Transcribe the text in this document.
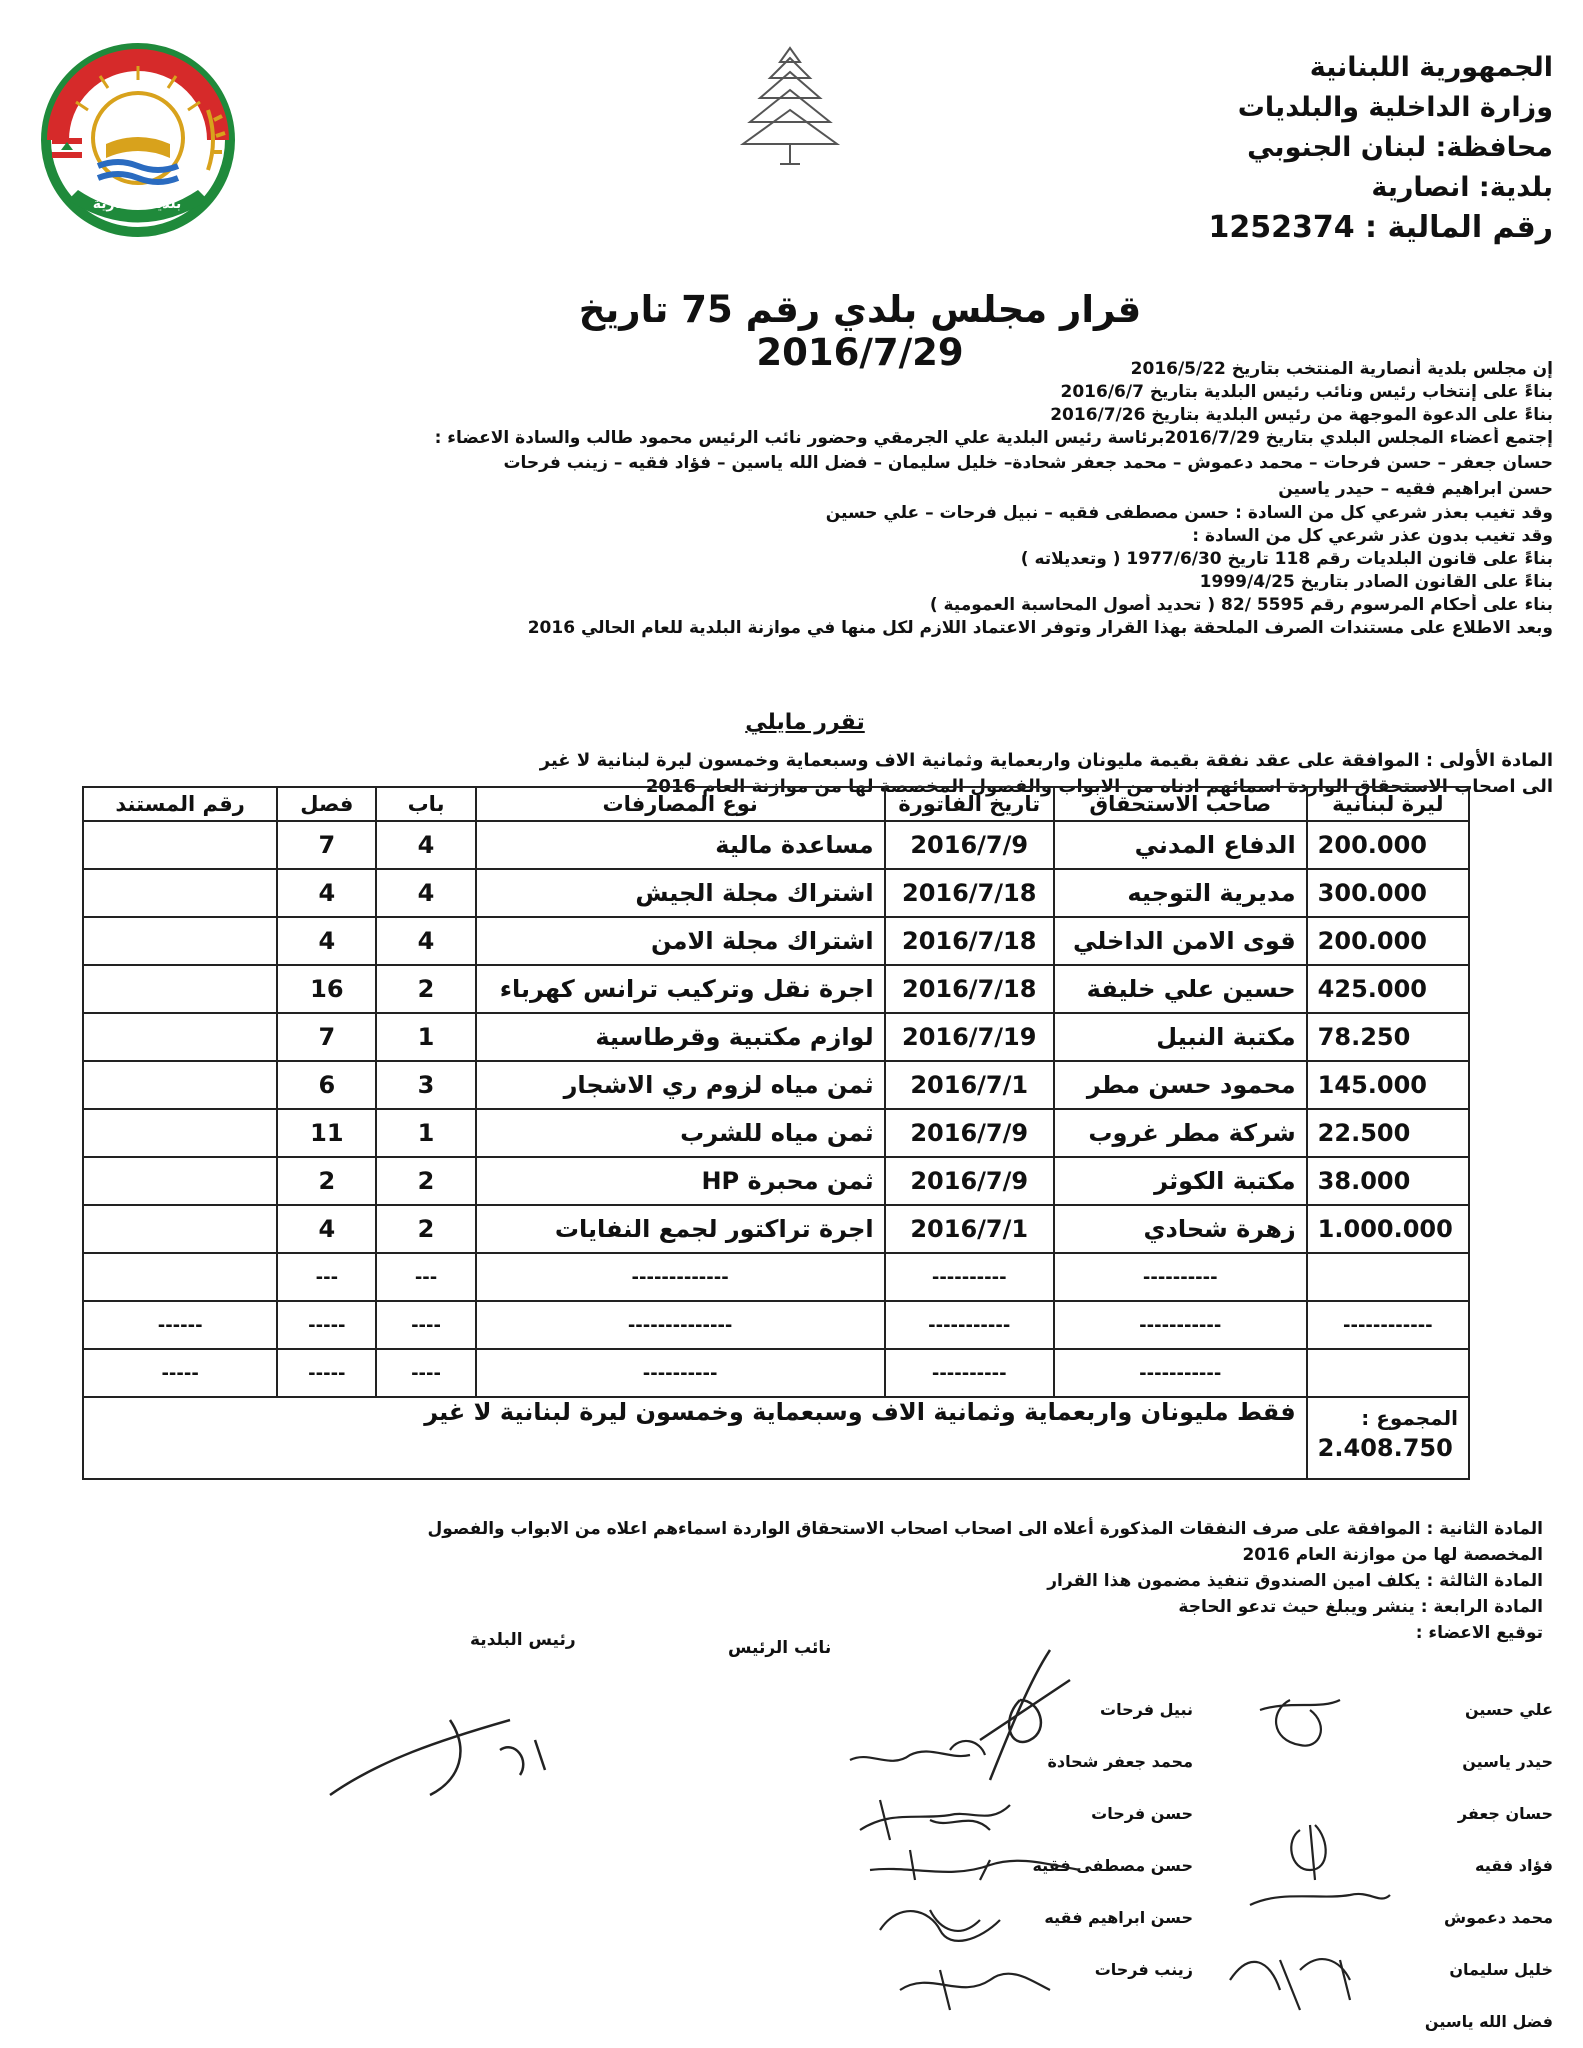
بلدية انصارية
الجمهورية اللبنانية
وزارة الداخلية والبلديات
محافظة: لبنان الجنوبي
بلدية: انصارية
رقم المالية : 1252374
قرار مجلس بلدي رقم 75 تاريخ 2016/7/29	إن مجلس بلدية أنصارية المنتخب بتاريخ 2016/5/22
بناءً على إنتخاب رئيس ونائب رئيس البلدية بتاريخ 2016/6/7
بناءً على الدعوة الموجهة من رئيس البلدية بتاريخ 2016/7/26
إجتمع أعضاء المجلس البلدي بتاريخ 2016/7/29برئاسة رئيس البلدية علي الجرمقي وحضور نائب الرئيس محمود طالب والسادة الاعضاء :
حسان جعفر – حسن فرحات – محمد دعموش – محمد جعفر شحادة– خليل سليمان – فضل الله ياسين – فؤاد فقيه – زينب فرحات
حسن ابراهيم فقيه – حيدر ياسين
وقد تغيب بعذر شرعي كل من السادة : حسن مصطفى فقيه – نبيل فرحات – علي حسين
وقد تغيب بدون عذر شرعي كل من السادة :
بناءً على قانون البلديات رقم 118 تاريخ 1977/6/30 ( وتعديلاته )
بناءً على القانون الصادر بتاريخ 1999/4/25
بناء على أحكام المرسوم رقم 5595 /82 ( تحديد أصول المحاسبة العمومية )
وبعد الاطلاع على مستندات الصرف الملحقة بهذا القرار وتوفر الاعتماد اللازم لكل منها في موازنة البلدية للعام الحالي 2016
تقرر مايلي
المادة الأولى : الموافقة على عقد نفقة بقيمة مليونان واربعماية وثمانية الاف وسبعماية وخمسون ليرة لبنانية لا غير
الى اصحاب الاستحقاق الواردة اسمائهم ادناه من الابواب والفصول المخصصة لها من موازنة العام 2016
ليرة لبنانية	صاحب الاستحقاق	تاريخ الفاتورة	نوع المصارفات	باب	فصل	رقم المستند
200.000	الدفاع المدني	2016/7/9	مساعدة مالية	4	7	
300.000	مديرية التوجيه	2016/7/18	اشتراك مجلة الجيش	4	4	
200.000	قوى الامن الداخلي	2016/7/18	اشتراك مجلة الامن	4	4	
425.000	حسين علي خليفة	2016/7/18	اجرة نقل وتركيب ترانس كهرباء	2	16	
78.250	مكتبة النبيل	2016/7/19	لوازم مكتبية وقرطاسية	1	7	
145.000	محمود حسن مطر	2016/7/1	ثمن مياه لزوم ري الاشجار	3	6	
22.500	شركة مطر غروب	2016/7/9	ثمن مياه للشرب	1	11	
38.000	مكتبة الكوثر	2016/7/9	ثمن محبرة HP	2	2	
1.000.000	زهرة شحادي	2016/7/1	اجرة تراكتور لجمع النفايات	2	4	
	----------	----------	-------------	---	---	
------------	-----------	-----------	--------------	----	-----	------
	-----------	----------	----------	----	-----	-----

المجموع :
2.408.750	فقط مليونان واربعماية وثمانية الاف وسبعماية وخمسون ليرة لبنانية لا غير					
المادة الثانية : الموافقة على صرف النفقات المذكورة أعلاه الى اصحاب اصحاب الاستحقاق الواردة اسماءهم اعلاه من الابواب والفصول
المخصصة لها من موازنة العام 2016
المادة الثالثة : يكلف امين الصندوق تنفيذ مضمون هذا القرار
المادة الرابعة : ينشر ويبلغ حيث تدعو الحاجة
توقيع الاعضاء :
رئيس البلدية	نائب الرئيس
علي حسين
حيدر ياسين
حسان جعفر
فؤاد فقيه
محمد دعموش
خليل سليمان
فضل الله ياسين
نبيل فرحات
محمد جعفر شحادة
حسن فرحات
حسن مصطفى فقيه
حسن ابراهيم فقيه
زينب فرحات
